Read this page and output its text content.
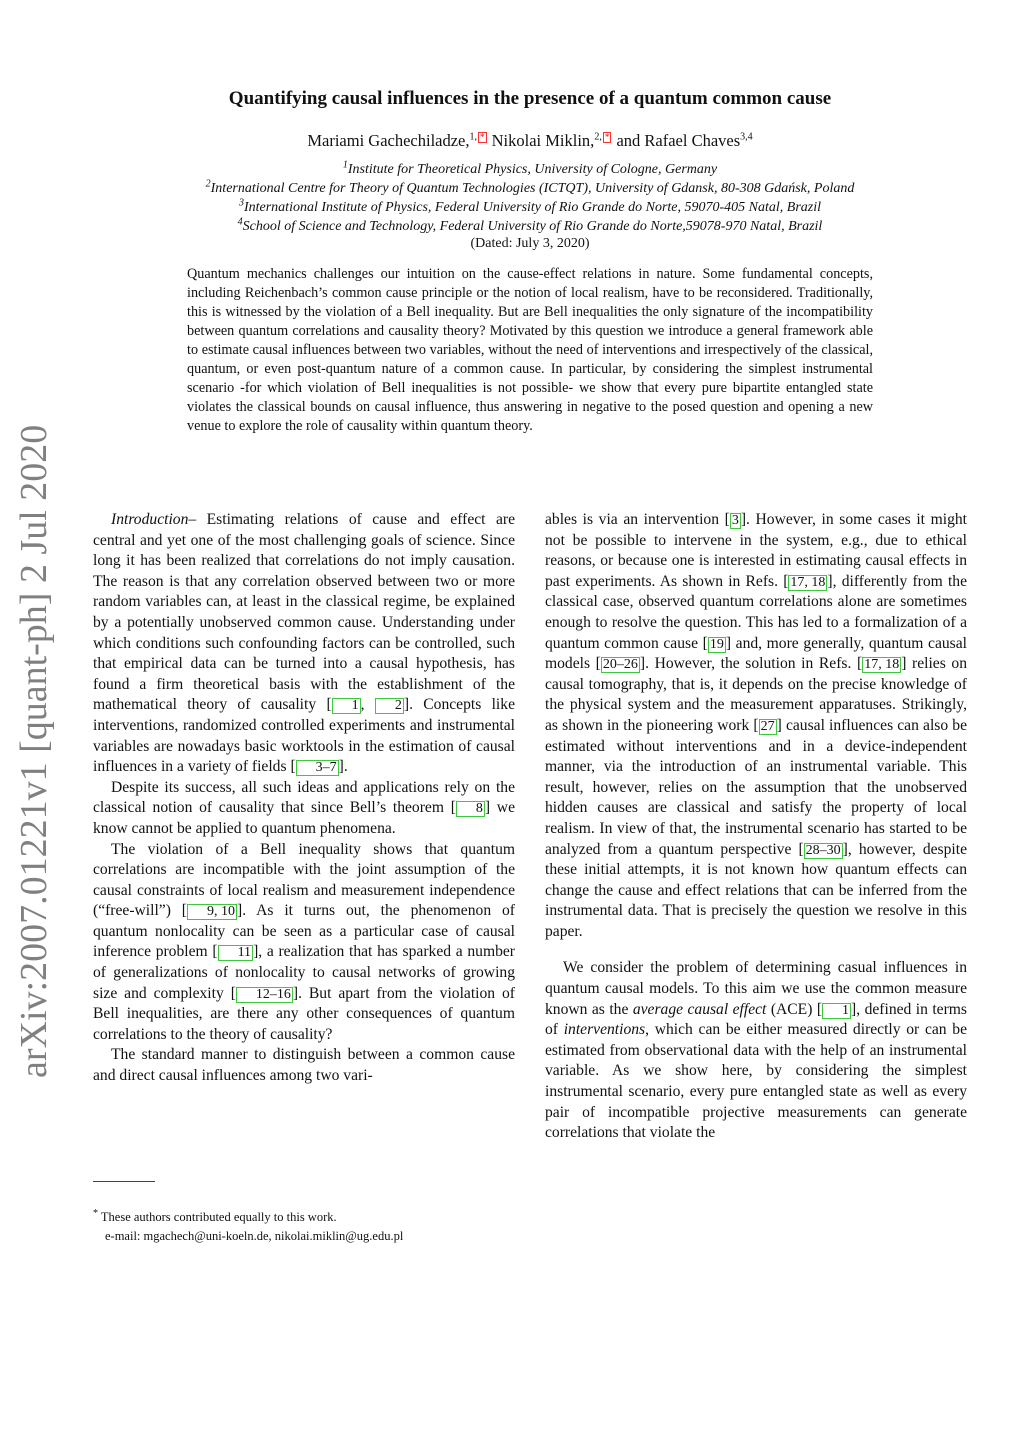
Quantifying causal influences in the presence of a quantum common cause
Mariami Gachechiladze,$^{1,}$ * Nikolai Miklin,$^{2,}$ * and Rafael Chaves$^{3,4}$
$^1$Institute for Theoretical Physics, University of Cologne, Germany
$^2$International Centre for Theory of Quantum Technologies (ICTQT), University of Gdansk, 80-308 Gdańsk, Poland
$^3$International Institute of Physics, Federal University of Rio Grande do Norte, 59070-405 Natal, Brazil
$^4$School of Science and Technology, Federal University of Rio Grande do Norte,59078-970 Natal, Brazil
(Dated: July 3, 2020)
Quantum mechanics challenges our intuition on the cause-effect relations in nature. Some fundamental concepts, including Reichenbach’s common cause principle or the notion of local realism, have to be reconsidered. Traditionally, this is witnessed by the violation of a Bell inequality. But are Bell inequalities the only signature of the incompatibility between quantum correlations and causality theory? Motivated by this question we introduce a general framework able to estimate causal influences between two variables, without the need of interventions and irrespectively of the classical, quantum, or even post-quantum nature of a common cause. In particular, by considering the simplest instrumental scenario -for which violation of Bell inequalities is not possible- we show that every pure bipartite entangled state violates the classical bounds on causal influence, thus answering in negative to the posed question and opening a new venue to explore the role of causality within quantum theory.
arXiv:2007.01221v1 [quant-ph] 2 Jul 2020	Introduction– Estimating relations of cause and effect are central and yet one of the most challenging goals of science. Since long it has been realized that correlations do not imply causation. The reason is that any correlation observed between two or more random variables can, at least in the classical regime, be explained by a potentially unobserved common cause. Understanding under which conditions such confounding factors can be controlled, such that empirical data can be turned into a causal hypothesis, has found a firm theoretical basis with the establishment of the mathematical theory of causality [ 1 , 2 ]. Concepts like interventions, randomized controlled experiments and instrumental variables are nowadays basic worktools in the estimation of causal influences in a variety of fields [ 3–7 ].

Despite its success, all such ideas and applications rely on the classical notion of causality that since Bell’s theorem [ 8 ] we know cannot be applied to quantum phenomena.

The violation of a Bell inequality shows that quantum correlations are incompatible with the joint assumption of the causal constraints of local realism and measurement independence (“free-will”) [ 9, 10 ]. As it turns out, the phenomenon of quantum nonlocality can be seen as a particular case of causal inference problem [ 11 ], a realization that has sparked a number of generalizations of nonlocality to causal networks of growing size and complexity [ 12–16 ]. But apart from the violation of Bell inequalities, are there any other consequences of quantum correlations to the theory of causality?

The standard manner to distinguish between a common cause and direct causal influences among two vari-

ables is via an intervention [ 3 ]. However, in some cases it might not be possible to intervene in the system, e.g., due to ethical reasons, or because one is interested in estimating causal effects in past experiments. As shown in Refs. [ 17, 18 ], differently from the classical case, observed quantum correlations alone are sometimes enough to resolve the question. This has led to a formalization of a quantum common cause [ 19 ] and, more generally, quantum causal models [ 20–26 ]. However, the solution in Refs. [ 17, 18 ] relies on causal tomography, that is, it depends on the precise knowledge of the physical system and the measurement apparatuses. Strikingly, as shown in the pioneering work [ 27 ] causal influences can also be estimated without interventions and in a device-independent manner, via the introduction of an instrumental variable. This result, however, relies on the assumption that the unobserved hidden causes are classical and satisfy the property of local realism. In view of that, the instrumental scenario has started to be analyzed from a quantum perspective [ 28–30 ], however, despite these initial attempts, it is not known how quantum effects can change the cause and effect relations that can be inferred from the instrumental data. That is precisely the question we resolve in this paper.

We consider the problem of determining casual influences in quantum causal models. To this aim we use the common measure known as the average causal effect (ACE) [ 1 ], defined in terms of interventions, which can be either measured directly or can be estimated from observational data with the help of an instrumental variable. As we show here, by considering the simplest instrumental scenario, every pure entangled state as well as every pair of incompatible projective measurements can generate correlations that violate the

* These authors contributed equally to this work.
e-mail: mgachech@uni-koeln.de, nikolai.miklin@ug.edu.pl
